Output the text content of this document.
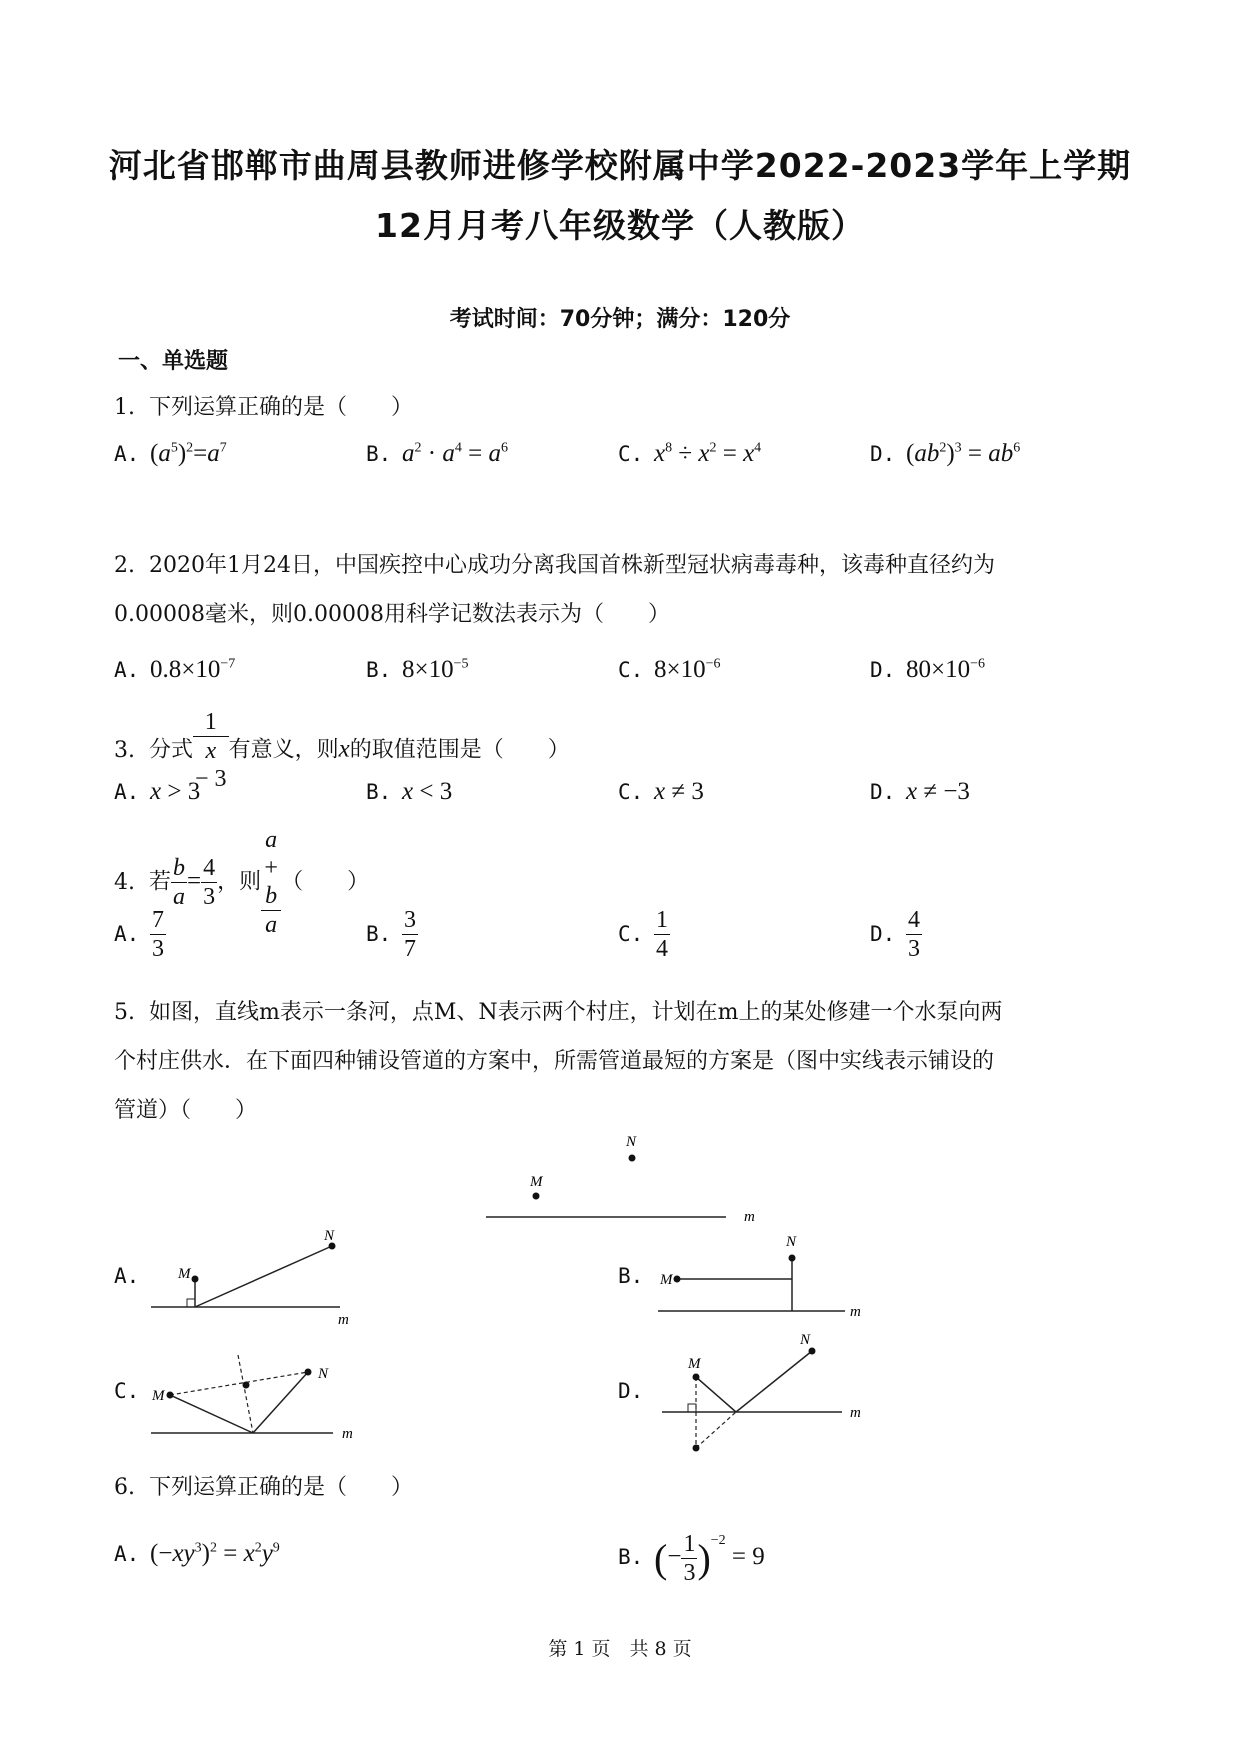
河北省邯郸市曲周县教师进修学校附属中学2022-2023学年上学期
12月月考八年级数学（人教版）
考试时间：70分钟；满分：120分
一、单选题
1. 下列运算正确的是（　　）
A. $(a^5)^2=a^7$	B. $a^2 \cdot a^4 = a^6$	C. $x^8 \div x^2 = x^4$	D. $(ab^2)^3 = ab^6$
2. 2020年1月24日，中国疾控中心成功分离我国首株新型冠状病毒毒种，该毒种直径约为
0.00008毫米，则0.00008用科学记数法表示为（　　）
A. $0.8\times 10^{-7}$	B. $8\times 10^{-5}$	C. $8\times 10^{-6}$	D. $80\times 10^{-6}$
3. 分式 1
x
− 3 有意义，则x的取值范围是（　　）
A. x > 3	B. x < 3	C. x ≠ 3	D. x ≠ −3
4. 若 $\frac{b}{a} = \frac{4}{3}$ ，则 a
+
b
a （　　）
A. $\frac{7}{3}$	B. $\frac{3}{7}$	C. $\frac{1}{4}$	D. $\frac{4}{3}$
5. 如图，直线m表示一条河，点M、N表示两个村庄，计划在m上的某处修建一个水泵向两
个村庄供水．在下面四种铺设管道的方案中，所需管道最短的方案是（图中实线表示铺设的
管道）（　　）
M
N
m
A.	M
N
m
B.	M
N
m
C. M
N
m
D.
M
N
m
6. 下列运算正确的是（　　）
A. $(-xy^3)^2 = x^2y^9$	B. (− $\frac{1}{3} )^{-2} = 9$
第 1 页　共 8 页
